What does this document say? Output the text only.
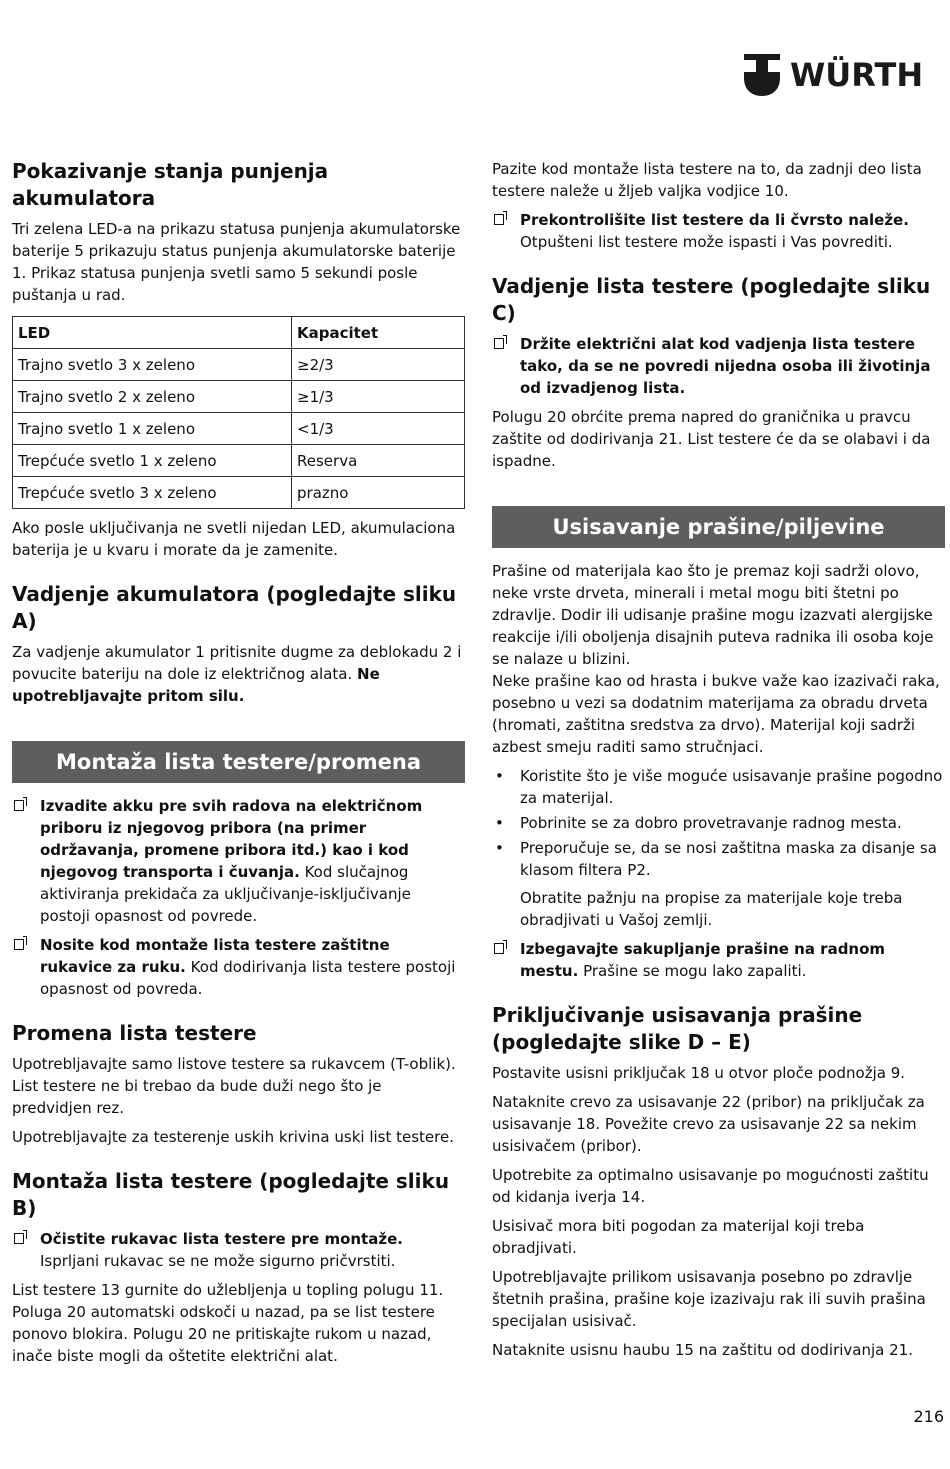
WÜRTH
Pokazivanje stanja punjenja akumulatora

Tri zelena LED-a na prikazu statusa punjenja akumulatorske baterije 5 prikazuju status punjenja akumulatorske baterije 1. Prikaz statusa punjenja svetli samo 5 sekundi posle puštanja u rad.

LED	Kapacitet
Trajno svetlo 3 x zeleno	≥2/3
Trajno svetlo 2 x zeleno	≥1/3
Trajno svetlo 1 x zeleno	<1/3
Trepćuće svetlo 1 x zeleno	Reserva
Trepćuće svetlo 3 x zeleno	prazno

Ako posle uključivanja ne svetli nijedan LED, akumulaciona baterija je u kvaru i morate da je zamenite.

Vadjenje akumulatora (pogledajte sliku A)

Za vadjenje akumulator 1 pritisnite dugme za deblokadu 2 i povucite bateriju na dole iz električnog alata. Ne upotrebljavajte pritom silu.

Montaža lista testere/promena
Izvadite akku pre svih radova na električnom priboru iz njegovog pribora (na primer održavanja, promene pribora itd.) kao i kod njegovog transporta i čuvanja. Kod slučajnog aktiviranja prekidača za uključivanje-isključivanje postoji opasnost od povrede.
Nosite kod montaže lista testere zaštitne rukavice za ruku. Kod dodirivanja lista testere postoji opasnost od povreda.
Promena lista testere

Upotrebljavajte samo listove testere sa rukavcem (T-oblik). List testere ne bi trebao da bude duži nego što je predvidjen rez.

Upotrebljavajte za testerenje uskih krivina uski list testere.

Montaža lista testere (pogledajte sliku B)
Očistite rukavac lista testere pre montaže.
Isprljani rukavac se ne može sigurno pričvrstiti.

List testere 13 gurnite do užlebljenja u topling polugu 11. Poluga 20 automatski odskoči u nazad, pa se list testere ponovo blokira. Polugu 20 ne pritiskajte rukom u nazad, inače biste mogli da oštetite električni alat.

Pazite kod montaže lista testere na to, da zadnji deo lista testere naleže u žljeb valjka vodjice 10.

Prekontrolišite list testere da li čvrsto naleže.
Otpušteni list testere može ispasti i Vas povrediti.
Vadjenje lista testere (pogledajte sliku C)
Držite električni alat kod vadjenja lista testere tako, da se ne povredi nijedna osoba ili životinja od izvadjenog lista.

Polugu 20 obrćite prema napred do graničnika u pravcu zaštite od dodirivanja 21. List testere će da se olabavi i da ispadne.

Usisavanje prašine/piljevine

Prašine od materijala kao što je premaz koji sadrži olovo, neke vrste drveta, minerali i metal mogu biti štetni po zdravlje. Dodir ili udisanje prašine mogu izazvati alergijske reakcije i/ili oboljenja disajnih puteva radnika ili osoba koje se nalaze u blizini.

Neke prašine kao od hrasta i bukve važe kao izazivači raka, posebno u vezi sa dodatnim materijama za obradu drveta (hromati, zaštitna sredstva za drvo). Materijal koji sadrži azbest smeju raditi samo stručnjaci.

• Koristite što je više moguće usisavanje prašine pogodno za materijal.
• Pobrinite se za dobro provetravanje radnog mesta.
• Preporučuje se, da se nosi zaštitna maska za disanje sa klasom filtera P2.

Obratite pažnju na propise za materijale koje treba obradjivati u Vašoj zemlji.

Izbegavajte sakupljanje prašine na radnom mestu. Prašine se mogu lako zapaliti.
Priključivanje usisavanja prašine (pogledajte slike D – E)

Postavite usisni priključak 18 u otvor ploče podnožja 9.

Nataknite crevo za usisavanje 22 (pribor) na priključak za usisavanje 18. Povežite crevo za usisavanje 22 sa nekim usisivačem (pribor).

Upotrebite za optimalno usisavanje po mogućnosti zaštitu od kidanja iverja 14.

Usisivač mora biti pogodan za materijal koji treba obradjivati.

Upotrebljavajte prilikom usisavanja posebno po zdravlje štetnih prašina, prašine koje izazivaju rak ili suvih prašina specijalan usisivač.

Nataknite usisnu haubu 15 na zaštitu od dodirivanja 21.

216
